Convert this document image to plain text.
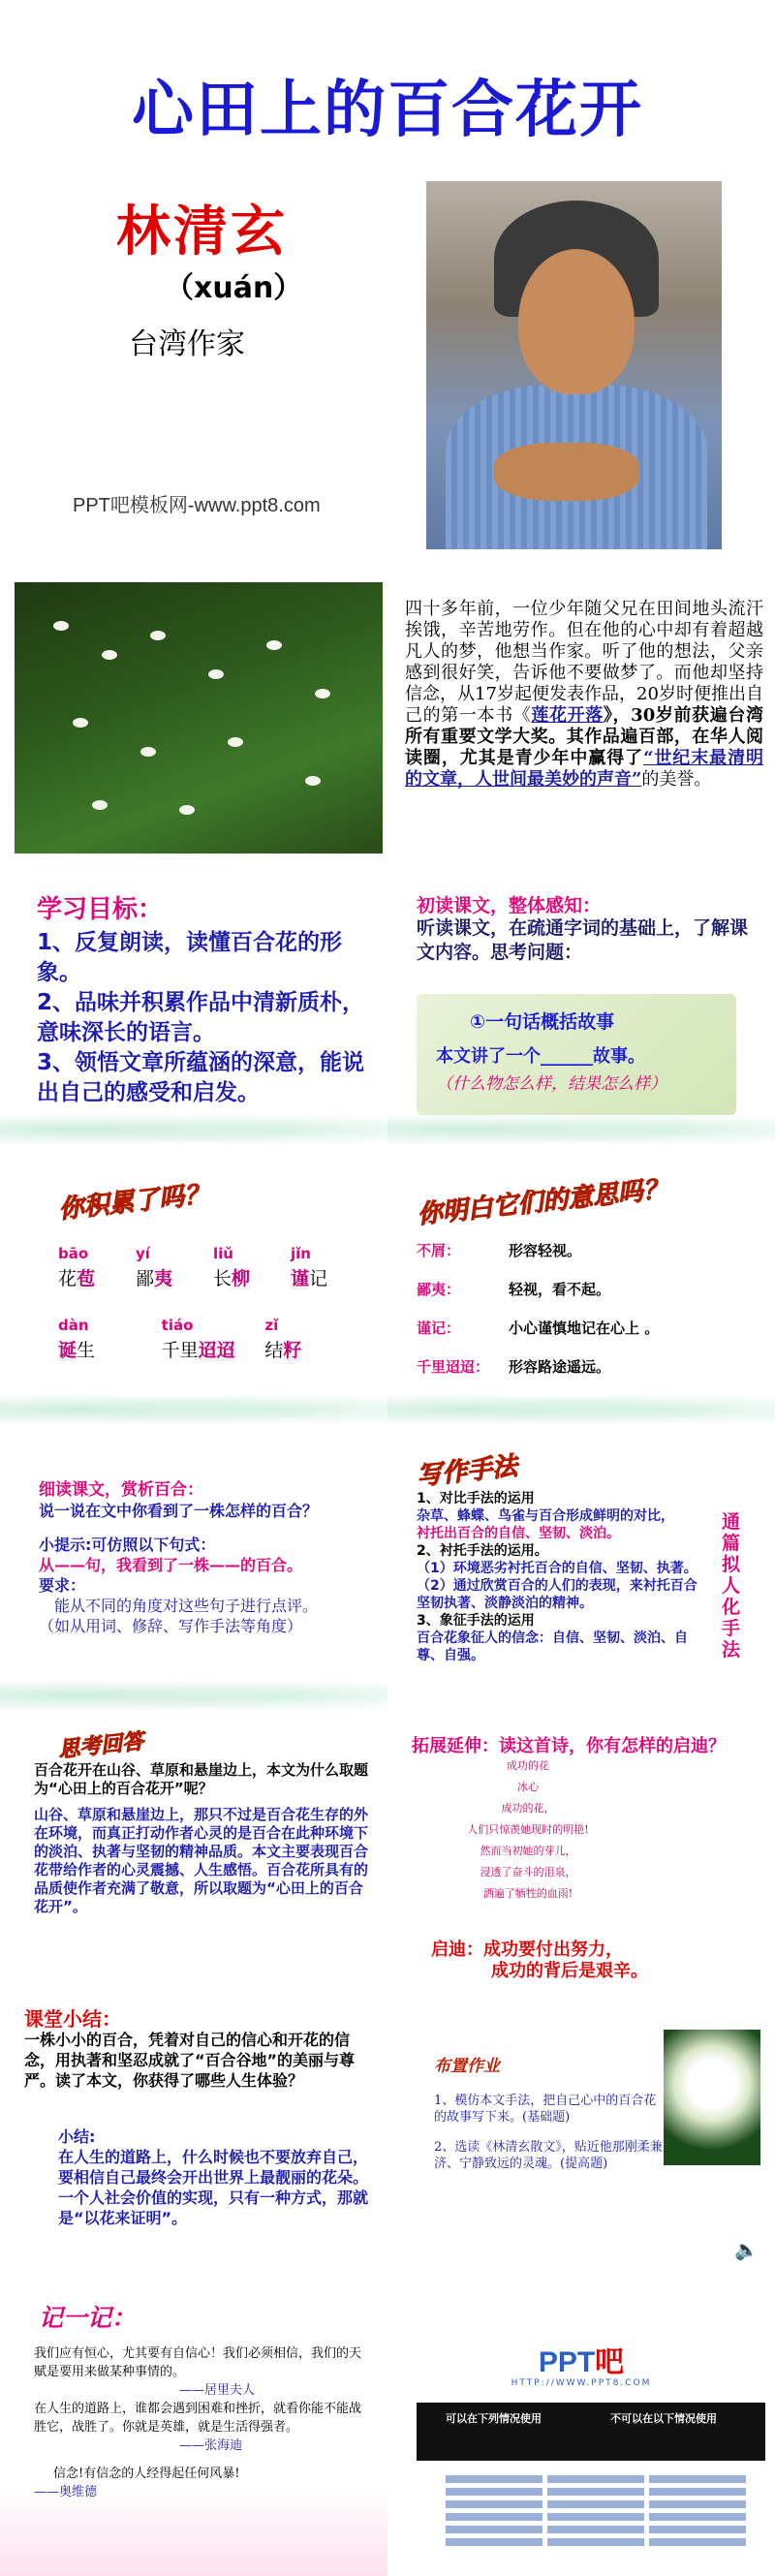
心田上的百合花开
林清玄
（xuán）
台湾作家
PPT吧模板网-www.ppt8.com
四十多年前，一位少年随父兄在田间地头流汗挨饿，辛苦地劳作。但在他的心中却有着超越凡人的梦，他想当作家。听了他的想法，父亲感到很好笑，告诉他不要做梦了。而他却坚持信念，从17岁起便发表作品，20岁时便推出自己的第一本书《莲花开落》，30岁前获遍台湾所有重要文学大奖。其作品遍百部，在华人阅读圈，尤其是青少年中赢得了“世纪末最清明的文章，人世间最美妙的声音”的美誉。
学习目标：
1、反复朗读，读懂百合花的形象。
2、品味并积累作品中清新质朴，意味深长的语言。
3、领悟文章所蕴涵的深意，能说出自己的感受和启发。
初读课文，整体感知：
听读课文，在疏通字词的基础上，了解课文内容。思考问题：
①一句话概括故事
本文讲了一个______故事。
（什么物怎么样，结果怎么样）
你积累了吗？
bāo	yí	liǔ	jǐn
花苞	鄙夷	长柳	谨记
dàn	tiáo	zǐ
诞生	千里迢迢	结籽
你明白它们的意思吗？
不屑：	形容轻视。
鄙夷：	轻视，看不起。
谨记：	小心谨慎地记在心上 。
千里迢迢：	形容路途遥远。
细读课文，赏析百合：
说一说在文中你看到了一株怎样的百合？
小提示:可仿照以下句式：
从——句，我看到了一株——的百合。
要求：
能从不同的角度对这些句子进行点评。
（如从用词、修辞、写作手法等角度）
写作手法
1、对比手法的运用
杂草、蜂蝶、鸟雀与百合形成鲜明的对比，
衬托出百合的自信、坚韧、淡泊。
2、衬托手法的运用。
（1）环境恶劣衬托百合的自信、坚韧、执著。
（2）通过欣赏百合的人们的表现，来衬托百合坚韧执著、淡静淡泊的精神。
3、象征手法的运用
百合花象征人的信念：自信、坚韧、淡泊、自尊、自强。
通篇拟人化手法
思考回答
百合花开在山谷、草原和悬崖边上，本文为什么取题为“心田上的百合花开”呢？
山谷、草原和悬崖边上，那只不过是百合花生存的外在环境，而真正打动作者心灵的是百合在此种环境下的淡泊、执著与坚韧的精神品质。本文主要表现百合花带给作者的心灵震撼、人生感悟。百合花所具有的品质使作者充满了敬意，所以取题为“心田上的百合花开”。
拓展延伸：读这首诗，你有怎样的启迪？
成功的花
冰心
成功的花，
人们只惊羡她现时的明艳!
然而当初她的芽儿，
浸透了奋斗的泪泉，
洒遍了牺牲的血雨!
启迪：成功要付出努力，
成功的背后是艰辛。
课堂小结：
一株小小的百合，凭着对自己的信心和开花的信念，用执著和坚忍成就了“百合谷地”的美丽与尊严。读了本文，你获得了哪些人生体验？
小结:
在人生的道路上，什么时候也不要放弃自己，要相信自己最终会开出世界上最靓丽的花朵。一个人社会价值的实现，只有一种方式，那就是“以花来证明”。
布置作业
1、模仿本文手法，把自己心中的百合花的故事写下来。(基础题)
2、选读《林清玄散文》，贴近他那刚柔兼济、宁静致远的灵魂。(提高题)
🔈
记一记：
我们应有恒心，尤其要有自信心！我们必须相信，我们的天赋是要用来做某种事情的。
——居里夫人
在人生的道路上，谁都会遇到困难和挫折，就看你能不能战胜它，战胜了。你就是英雄，就是生活得强者。
——张海迪
信念!有信念的人经得起任何风暴!
——奥维德
PPT吧
HTTP://WWW.PPT8.COM
可以在下列情况使用	不可以在以下情况使用
